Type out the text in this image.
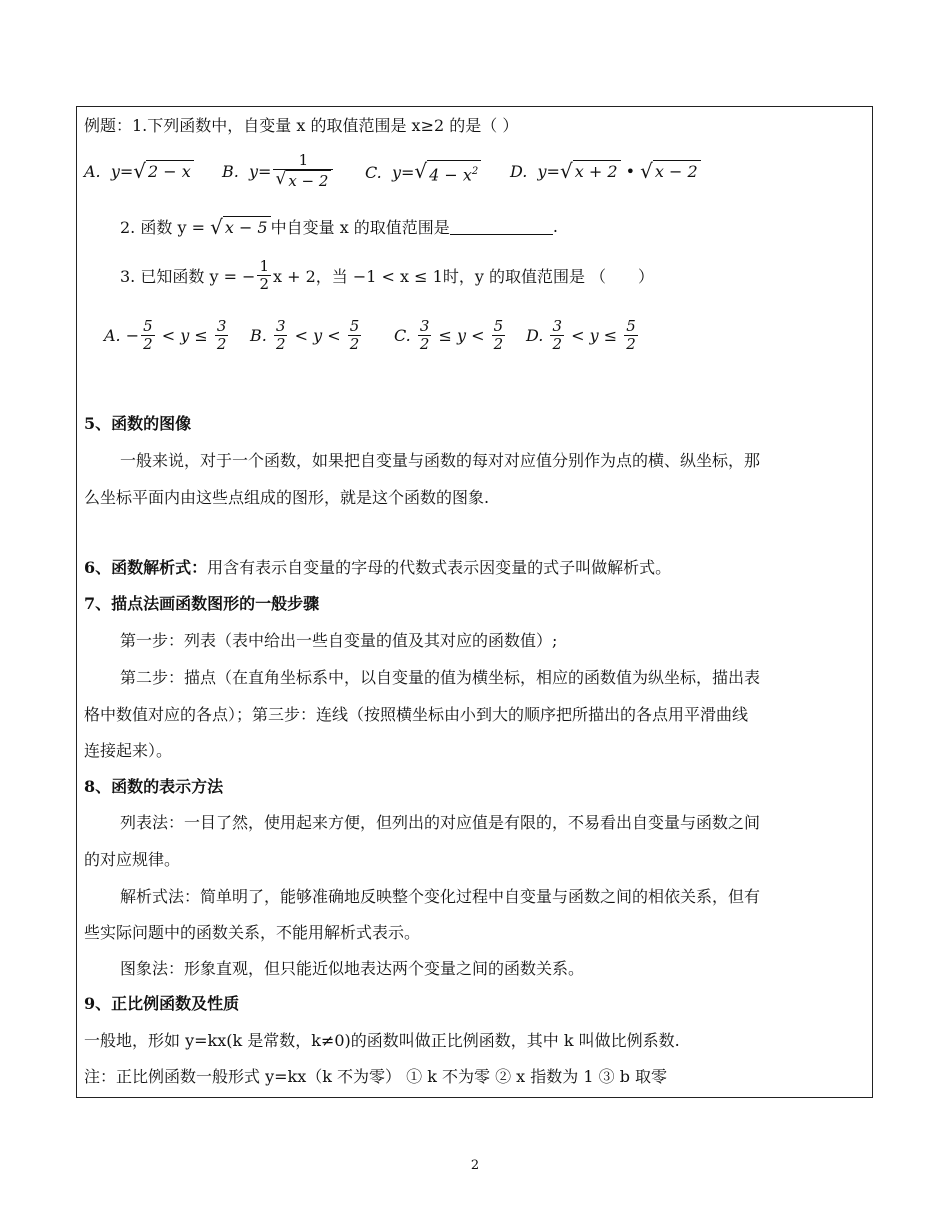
例题：1.下列函数中，自变量 x 的取值范围是 x≥2 的是（ ）
A.
y= √ 2 − x B.
$y= \frac{1}{√ x - 2} C$.
y= √ $4 - x^2$ D.
y= √ x + 2
•
√ x − 2
2. 函数 y =
√ x − 5 中自变量 x 的取值范围是	.
3. 已知函数 y = − $\frac{1}{2}$ x + 2，当 −1 < x ≤ 1时，y 的取值范围是 （　　）
A.
− $\frac{5}{2}$
< y ≤
$\frac{3}{2} B$.
$\frac{3}{2}$
< y <
$\frac{5}{2} C$.
$\frac{3}{2}$
≤ y <
$\frac{5}{2} D$.
$\frac{3}{2}$
< y ≤
$\frac{5}{2}$
5、函数的图像
一般来说，对于一个函数，如果把自变量与函数的每对对应值分别作为点的横、纵坐标，那
么坐标平面内由这些点组成的图形，就是这个函数的图象.
6、函数解析式：用含有表示自变量的字母的代数式表示因变量的式子叫做解析式。
7、描点法画函数图形的一般步骤
第一步：列表（表中给出一些自变量的值及其对应的函数值）;
第二步：描点（在直角坐标系中，以自变量的值为横坐标，相应的函数值为纵坐标，描出表
格中数值对应的各点）；第三步：连线（按照横坐标由小到大的顺序把所描出的各点用平滑曲线
连接起来）。
8、函数的表示方法
列表法：一目了然，使用起来方便，但列出的对应值是有限的，不易看出自变量与函数之间
的对应规律。
解析式法：简单明了，能够准确地反映整个变化过程中自变量与函数之间的相依关系，但有
些实际问题中的函数关系，不能用解析式表示。
图象法：形象直观，但只能近似地表达两个变量之间的函数关系。
9、正比例函数及性质
一般地，形如 y=kx(k 是常数，k≠0)的函数叫做正比例函数，其中 k 叫做比例系数.
注：正比例函数一般形式 y=kx（k 不为零） ① k 不为零 ② x 指数为 1 ③ b 取零
2
